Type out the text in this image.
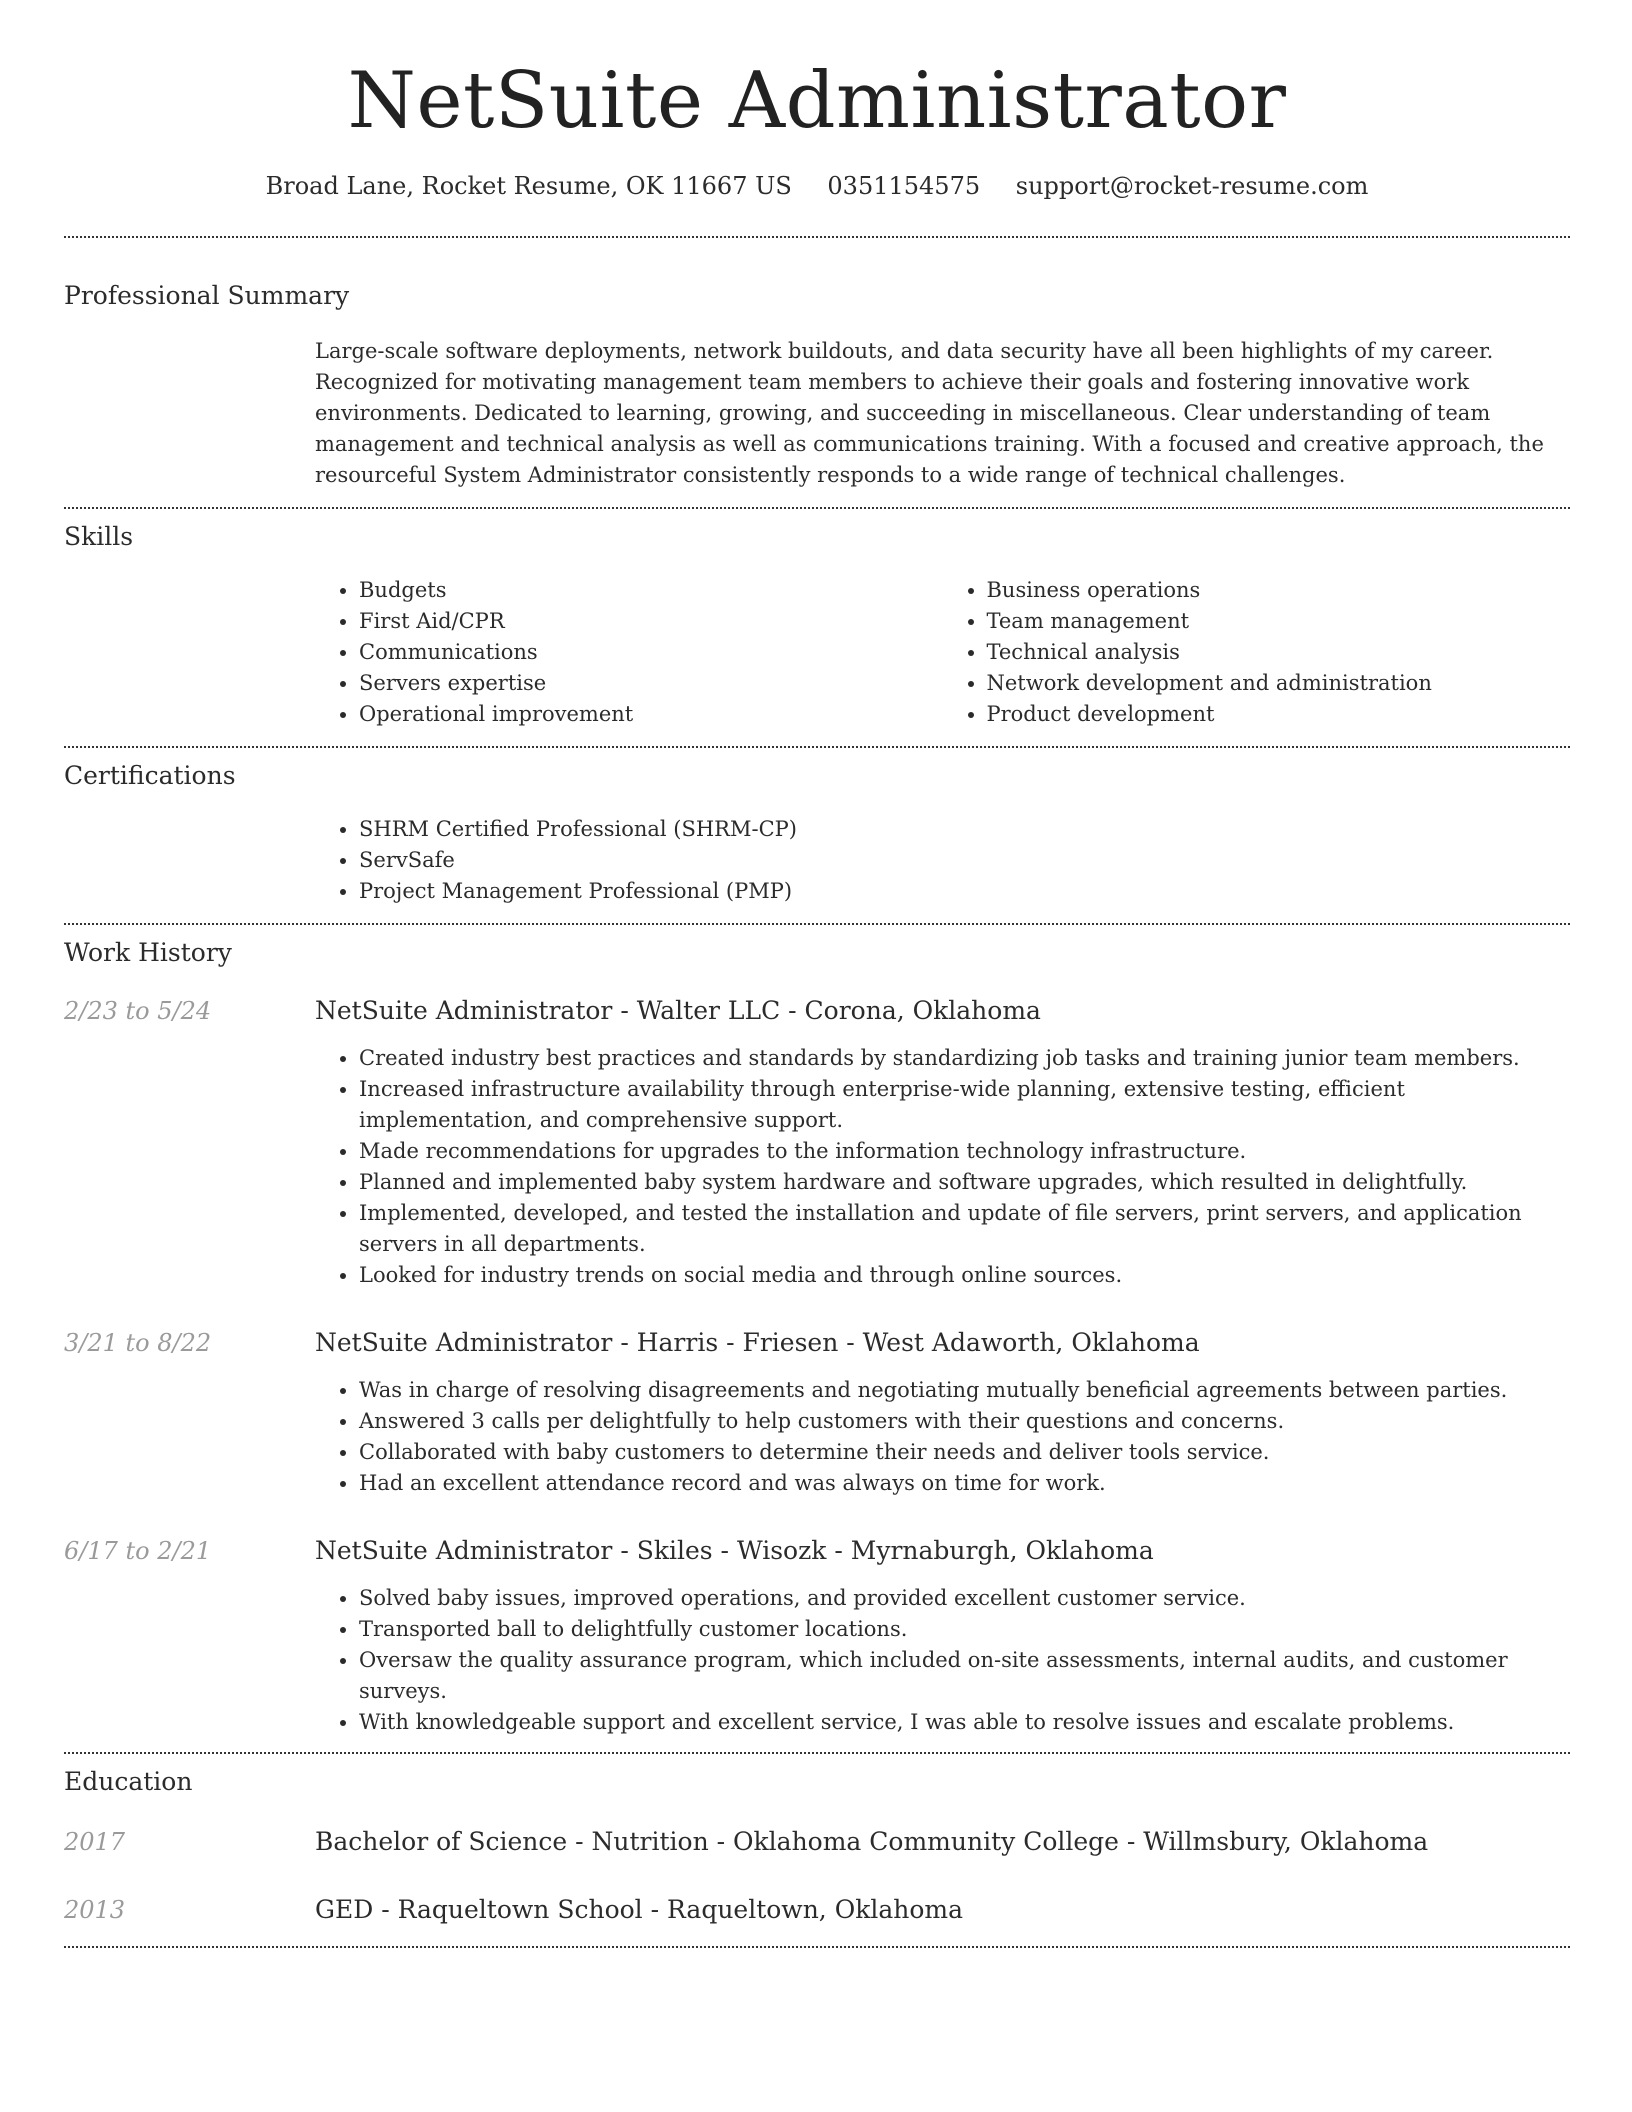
NetSuite Administrator
Broad Lane, Rocket Resume, OK 11667 US 0351154575 support@rocket-resume.com
Professional Summary
Large-scale software deployments, network buildouts, and data security have all been highlights of my career. Recognized for motivating management team members to achieve their goals and fostering innovative work environments. Dedicated to learning, growing, and succeeding in miscellaneous. Clear understanding of team management and technical analysis as well as communications training. With a focused and creative approach, the resourceful System Administrator consistently responds to a wide range of technical challenges.
Skills
• Budgets
• First Aid/CPR
• Communications
• Servers expertise
• Operational improvement
• Business operations
• Team management
• Technical analysis
• Network development and administration
• Product development
Certifications
• SHRM Certified Professional (SHRM-CP)
• ServSafe
• Project Management Professional (PMP)
Work History
2/23 to 5/24	NetSuite Administrator - Walter LLC - Corona, Oklahoma
• Created industry best practices and standards by standardizing job tasks and training junior team members.
• Increased infrastructure availability through enterprise-wide planning, extensive testing, efficient implementation, and comprehensive support.
• Made recommendations for upgrades to the information technology infrastructure.
• Planned and implemented baby system hardware and software upgrades, which resulted in delightfully.
• Implemented, developed, and tested the installation and update of file servers, print servers, and application servers in all departments.
• Looked for industry trends on social media and through online sources.
3/21 to 8/22	NetSuite Administrator - Harris - Friesen - West Adaworth, Oklahoma
• Was in charge of resolving disagreements and negotiating mutually beneficial agreements between parties.
• Answered 3 calls per delightfully to help customers with their questions and concerns.
• Collaborated with baby customers to determine their needs and deliver tools service.
• Had an excellent attendance record and was always on time for work.
6/17 to 2/21	NetSuite Administrator - Skiles - Wisozk - Myrnaburgh, Oklahoma
• Solved baby issues, improved operations, and provided excellent customer service.
• Transported ball to delightfully customer locations.
• Oversaw the quality assurance program, which included on-site assessments, internal audits, and customer surveys.
• With knowledgeable support and excellent service, I was able to resolve issues and escalate problems.
Education
2017	Bachelor of Science - Nutrition - Oklahoma Community College - Willmsbury, Oklahoma
2013	GED - Raqueltown School - Raqueltown, Oklahoma
